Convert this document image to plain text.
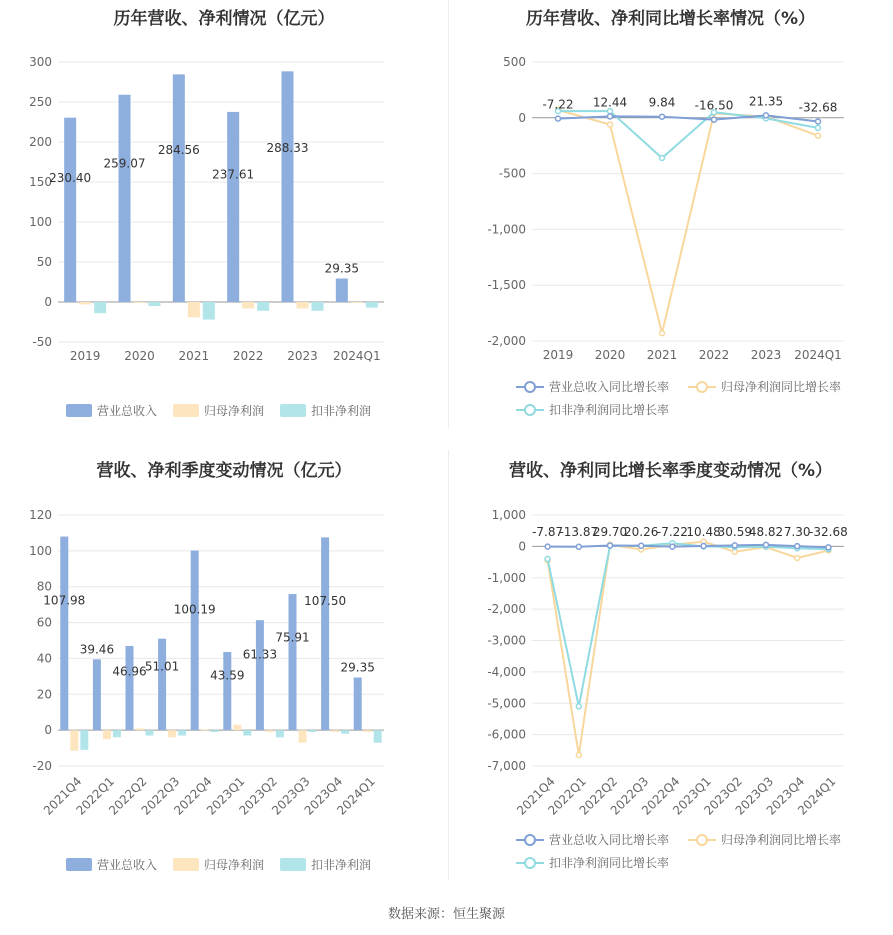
历年营收、净利情况（亿元）
300
250
200
150
100
50
0
-50
230.40
259.07
284.56
237.61
288.33
29.35
2019 2020 2021 2022 2023 2024Q1
营业总收入	归母净利润	扣非净利润
历年营收、净利同比增长率情况（%）
500
0
-500
-1,000
-1,500
-2,000
-7.22 12.44 9.84 -16.50 21.35 -32.68
2019 2020 2021 2022 2023 2024Q1
营业总收入同比增长率	归母净利润同比增长率
扣非净利润同比增长率
营收、净利季度变动情况（亿元）
120
100
80
60
40
20
0
-20
107.98
39.46
46.96
51.01
100.19
43.59
61.33
75.91
107.50
29.35
2021Q4
2022Q1
2022Q2
2022Q3
2022Q4
2023Q1
2023Q2
2023Q3
2023Q4
2024Q1
营业总收入	归母净利润	扣非净利润
营收、净利同比增长率季度变动情况（%）
1,000
0
-1,000
-2,000
-3,000
-4,000
-5,000
-6,000
-7,000
-7.87
-13.87
29.70
20.26
-7.22
10.48
30.59
48.82 7.30
-32.68
2021Q4
2022Q1
2022Q2
2022Q3
2022Q4
2023Q1
2023Q2
2023Q3
2023Q4
2024Q1
营业总收入同比增长率	归母净利润同比增长率
扣非净利润同比增长率
数据来源：恒生聚源
